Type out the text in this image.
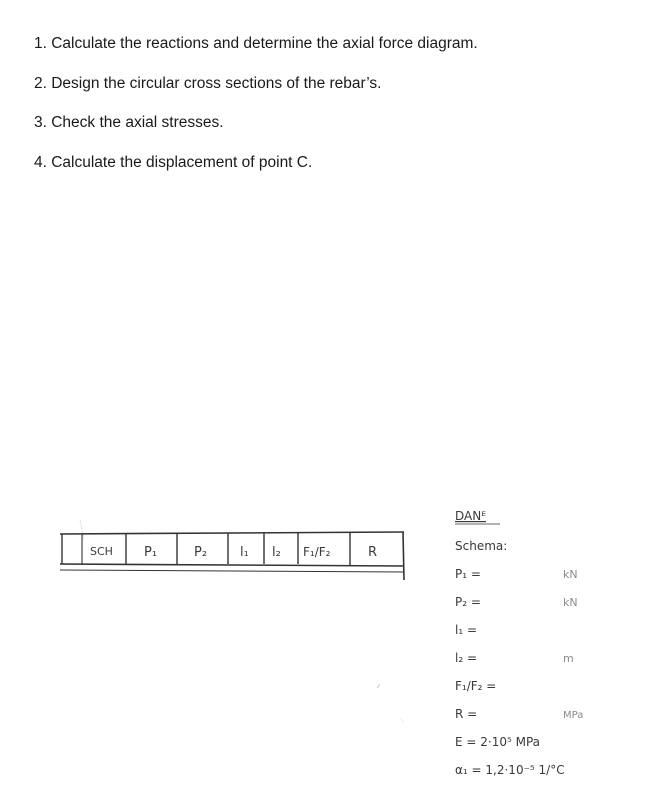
1. Calculate the reactions and determine the axial force diagram.
2. Design the circular cross sections of the rebar’s.
3. Check the axial stresses.
4. Calculate the displacement of point C.
SCH P₁	P₂	l₁ l₂ F₁/F₂	R
DANᴱ
Schema:
P₁ =	kN
P₂ =	kN
l₁ =
l₂ =	m
F₁/F₂ =
R =	MPa
E = 2·10⁵ MPa
α₁ = 1,2·10⁻⁵ 1/°C
